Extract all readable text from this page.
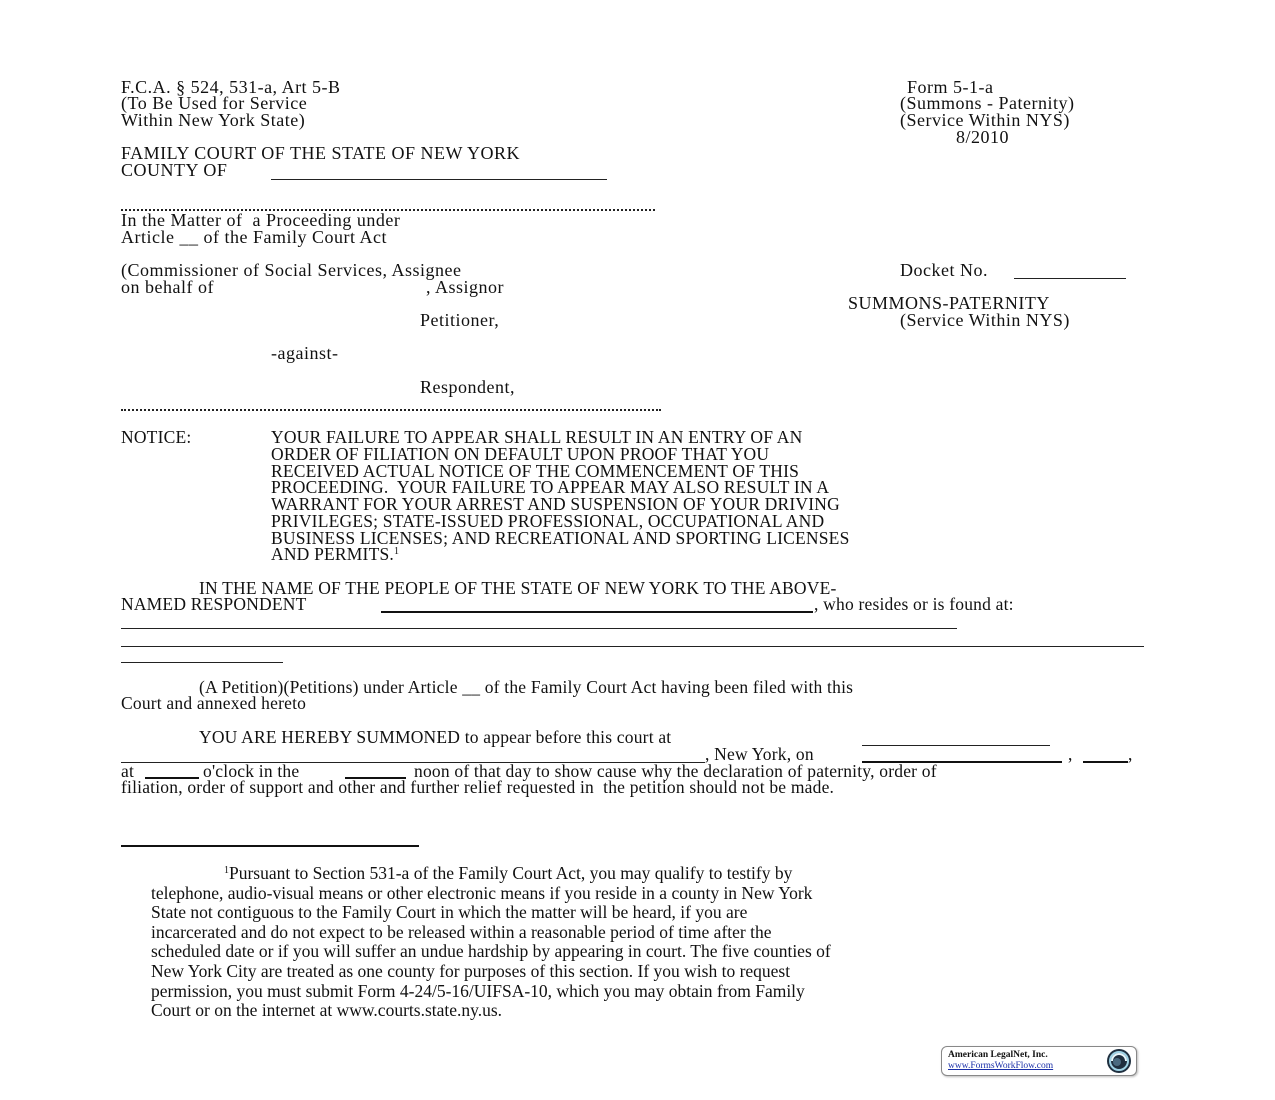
F.C.A. § 524, 531-a, Art 5-B
(To Be Used for Service
Within New York State)
Form 5-1-a
(Summons - Paternity)
(Service Within NYS)
8/2010
FAMILY COURT OF THE STATE OF NEW YORK
COUNTY OF
In the Matter of  a Proceeding under
Article __ of the Family Court Act
(Commissioner of Social Services, Assignee
on behalf of	, Assignor
Petitioner,
-against-
Respondent,
Docket No.
SUMMONS-PATERNITY
(Service Within NYS)
NOTICE:	YOUR FAILURE TO APPEAR SHALL RESULT IN AN ENTRY OF AN
ORDER OF FILIATION ON DEFAULT UPON PROOF THAT YOU
RECEIVED ACTUAL NOTICE OF THE COMMENCEMENT OF THIS
PROCEEDING.  YOUR FAILURE TO APPEAR MAY ALSO RESULT IN A
WARRANT FOR YOUR ARREST AND SUSPENSION OF YOUR DRIVING
PRIVILEGES; STATE-ISSUED PROFESSIONAL, OCCUPATIONAL AND
BUSINESS LICENSES; AND RECREATIONAL AND SPORTING LICENSES
AND PERMITS.$^1$
IN THE NAME OF THE PEOPLE OF THE STATE OF NEW YORK TO THE ABOVE-
NAMED RESPONDENT	, who resides or is found at:
(A Petition)(Petitions) under Article __ of the Family Court Act having been filed with this
Court and annexed hereto
YOU ARE HEREBY SUMMONED to appear before this court at
, New York, on	,	,
at	o'clock in the	noon of that day to show cause why the declaration of paternity, order of
filiation, order of support and other and further relief requested in  the petition should not be made.
$^1$Pursuant to Section 531-a of the Family Court Act, you may qualify to testify by
telephone, audio-visual means or other electronic means if you reside in a county in New York
State not contiguous to the Family Court in which the matter will be heard, if you are
incarcerated and do not expect to be released within a reasonable period of time after the
scheduled date or if you will suffer an undue hardship by appearing in court. The five counties of
New York City are treated as one county for purposes of this section. If you wish to request
permission, you must submit Form 4-24/5-16/UIFSA-10, which you may obtain from Family
Court or on the internet at www.courts.state.ny.us.
American LegalNet, Inc.
www.FormsWorkFlow.com
